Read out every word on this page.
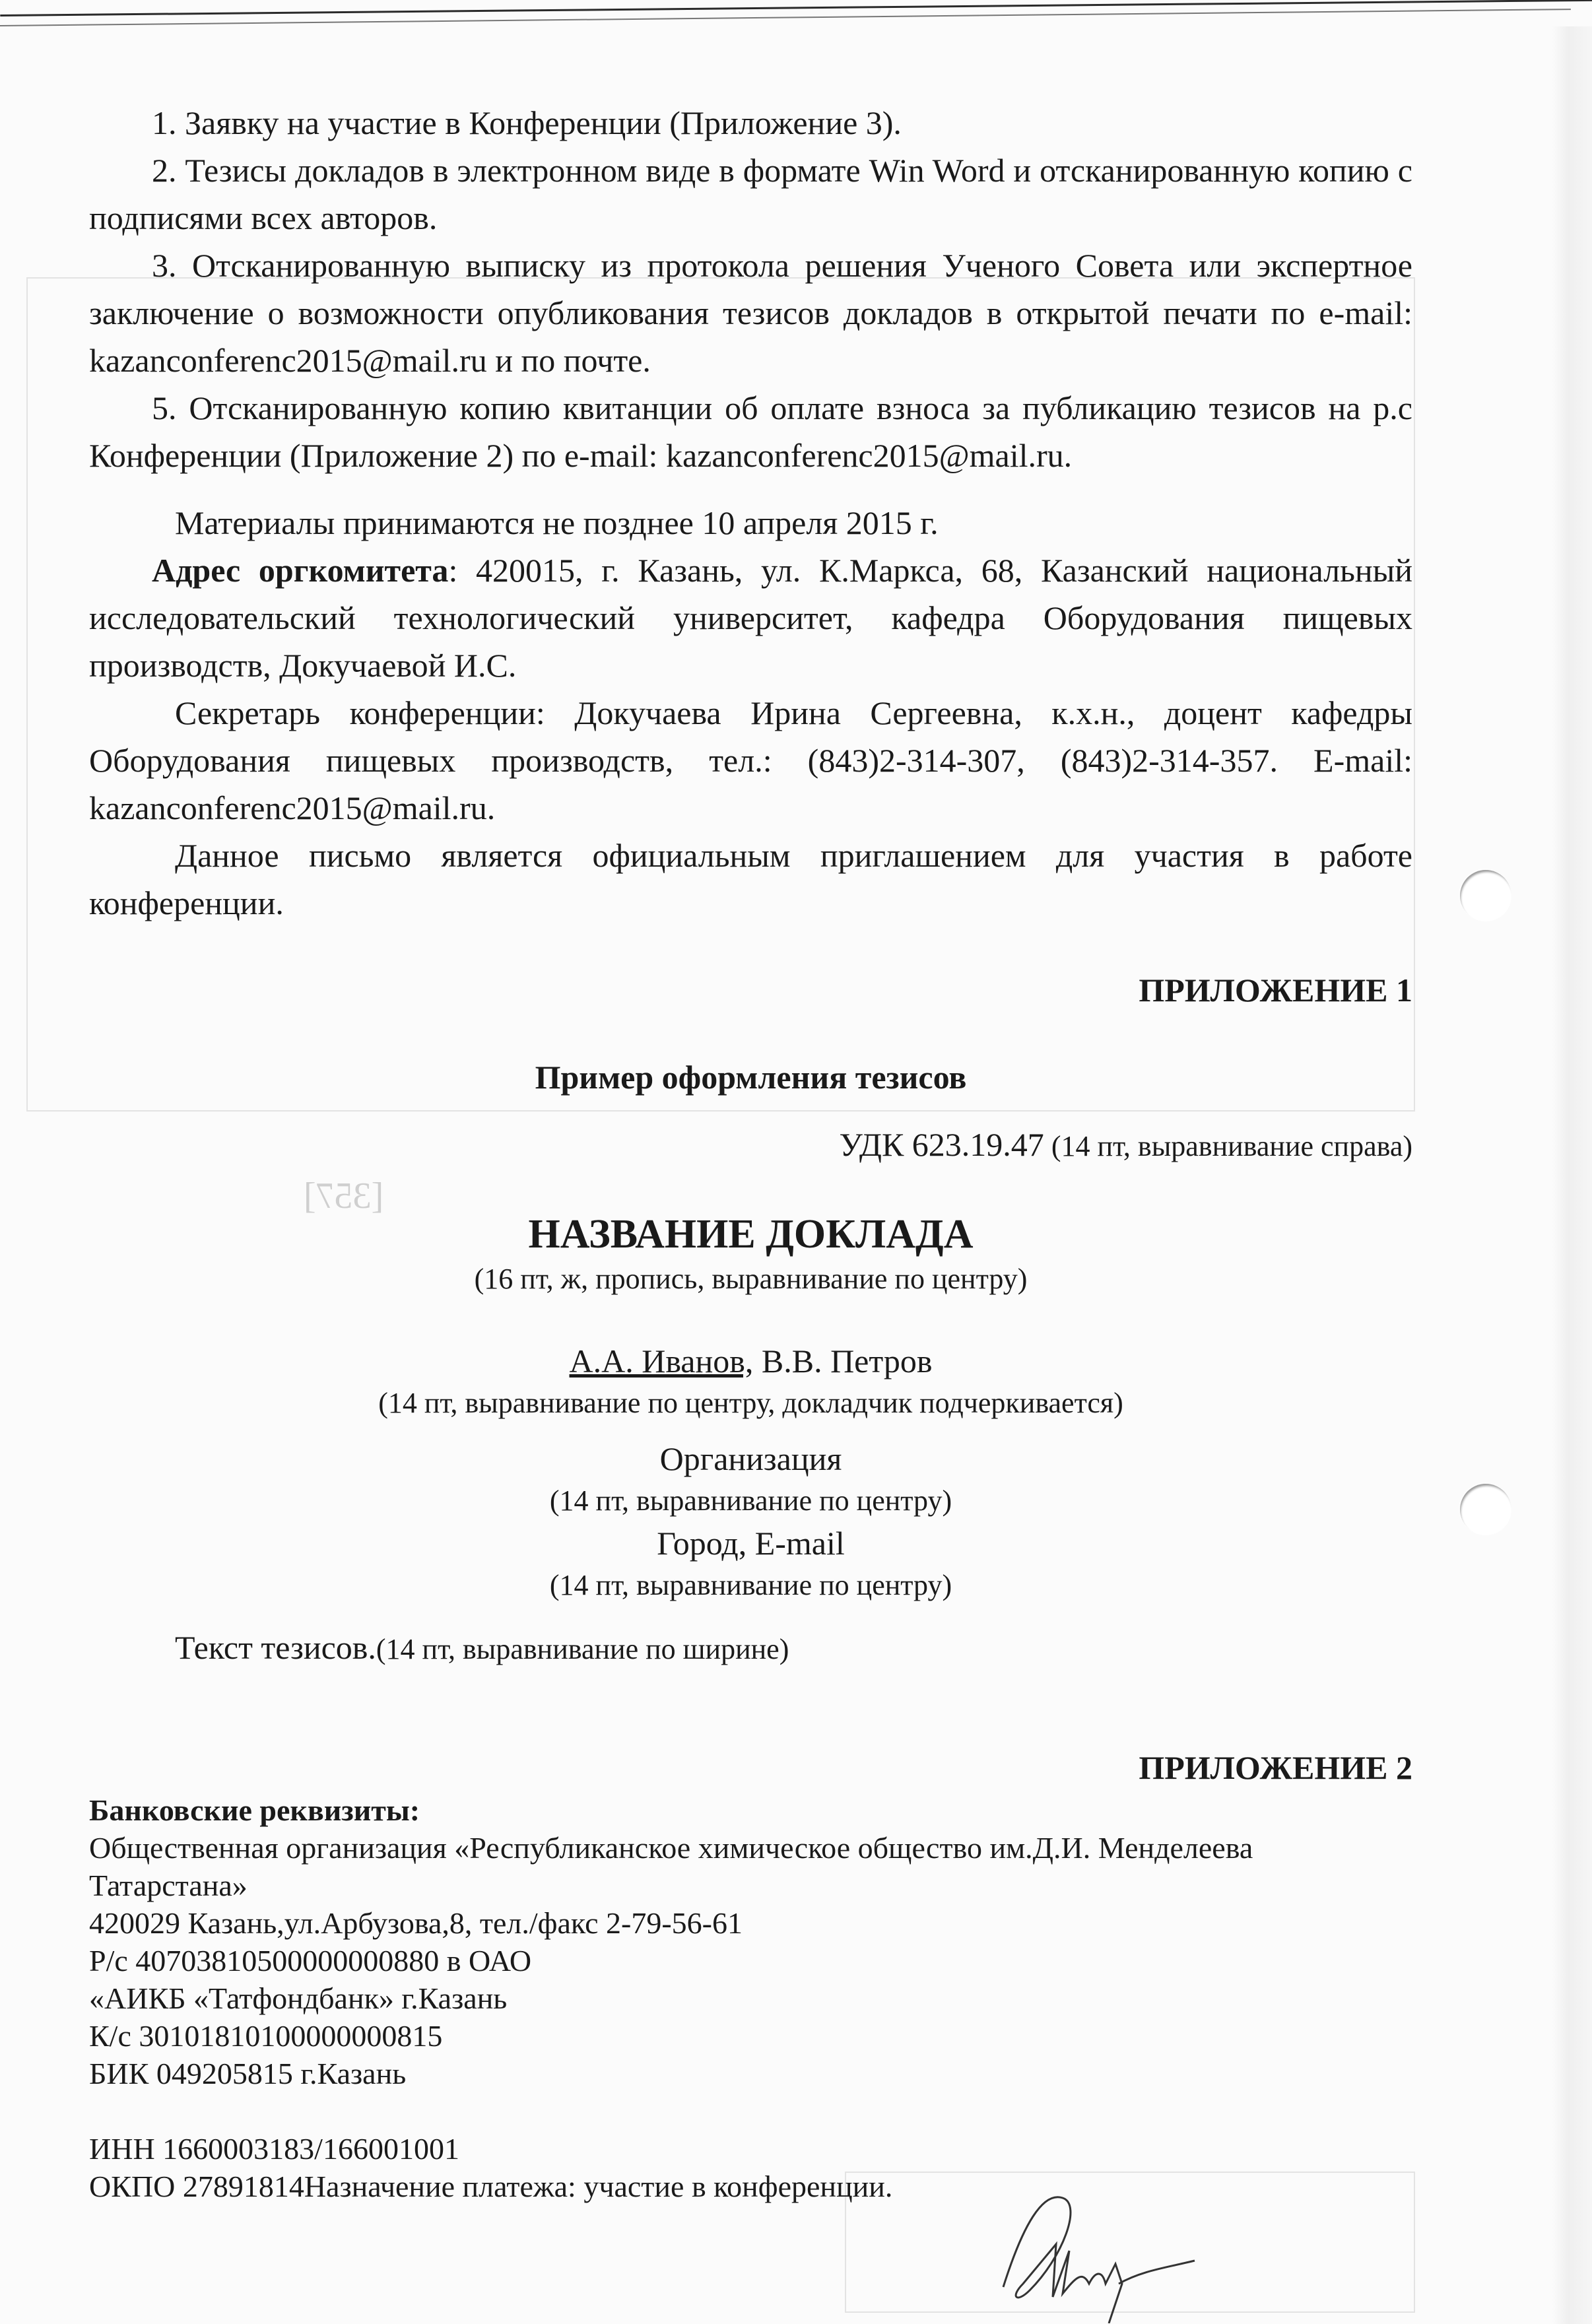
[357]

1. Заявку на участие в Конференции (Приложение 3).

2. Тезисы докладов в электронном виде в формате Win Word и отсканированную копию с подписями всех авторов.

3. Отсканированную выписку из протокола решения Ученого Совета или экспертное заключение о возможности опубликования тезисов докладов в открытой печати по e-mail: kazanconferenc2015@mail.ru и по почте.

5. Отсканированную копию квитанции об оплате взноса за публикацию тезисов на р.с Конференции (Приложение 2) по e-mail: kazanconferenc2015@mail.ru.

Материалы принимаются не позднее 10 апреля 2015 г.

Адрес оргкомитета: 420015, г. Казань, ул. К.Маркса, 68, Казанский национальный исследовательский технологический университет, кафедра Оборудования пищевых производств, Докучаевой И.С.

Секретарь конференции: Докучаева Ирина Сергеевна, к.х.н., доцент кафедры Оборудования пищевых производств, тел.: (843)2-314-307, (843)2-314-357. E-mail: kazanconferenc2015@mail.ru.

Данное письмо является официальным приглашением для участия в работе конференции.

ПРИЛОЖЕНИЕ 1

Пример оформления тезисов

УДК 623.19.47 (14 пт, выравнивание справа)

НАЗВАНИЕ ДОКЛАДА

(16 пт, ж, пропись, выравнивание по центру)

А.А. Иванов, В.В. Петров

(14 пт, выравнивание по центру, докладчик подчеркивается)

Организация

(14 пт, выравнивание по центру)

Город, E-mail

(14 пт, выравнивание по центру)

Текст тезисов.(14 пт, выравнивание по ширине)

ПРИЛОЖЕНИЕ 2

Банковские реквизиты:

Общественная организация «Республиканское химическое общество им.Д.И. Менделеева Татарстана»

420029 Казань,ул.Арбузова,8, тел./факс 2-79-56-61

Р/с 40703810500000000880 в ОАО

«АИКБ «Татфондбанк» г.Казань

К/с 30101810100000000815

БИК 049205815 г.Казань

ИНН 1660003183/166001001

ОКПО 27891814Назначение платежа: участие в конференции.
